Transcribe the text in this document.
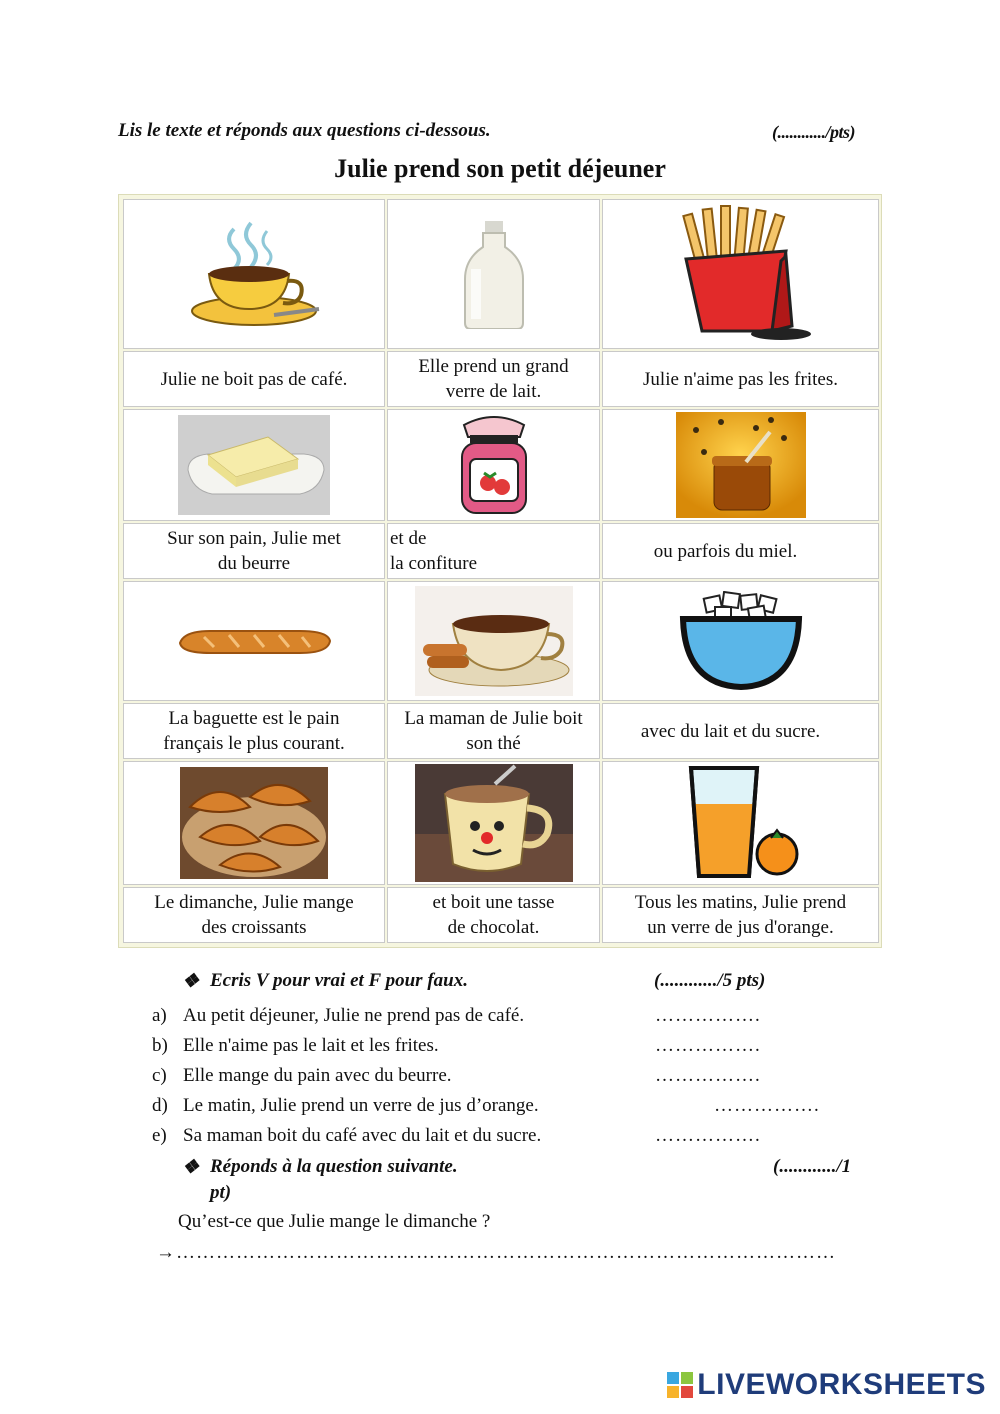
Lis le texte et réponds aux questions ci-dessous.	(............/pts)
Julie prend son petit déjeuner
Julie ne boit pas de café.
Elle prend un grand
verre de lait.
Julie n'aime pas les frites.
Sur son pain, Julie met
du beurre
et de
la confiture
ou parfois du miel.
La baguette est le pain
français le plus courant.
La maman de Julie boit
son thé
avec du lait et du sucre.
Le dimanche, Julie mange
des croissants
et boit une tasse
de chocolat.
Tous les matins, Julie prend
un verre de jus d'orange.
❖ Ecris V pour vrai et F pour faux.	(............/5 pts)
a) Au petit déjeuner, Julie ne prend pas de café.	…………….
b) Elle n'aime pas le lait et les frites.	…………….
c) Elle mange du pain avec du beurre.	…………….
d) Le matin, Julie prend un verre de jus d’orange.	…………….
e) Sa maman boit du café avec du lait et du sucre.	…………….
❖ Réponds à la question suivante.	(............/1
pt)
Qu’est-ce que Julie mange le dimanche ?
→ ………………………………………………………………………………………
LIVEWORKSHEETS
